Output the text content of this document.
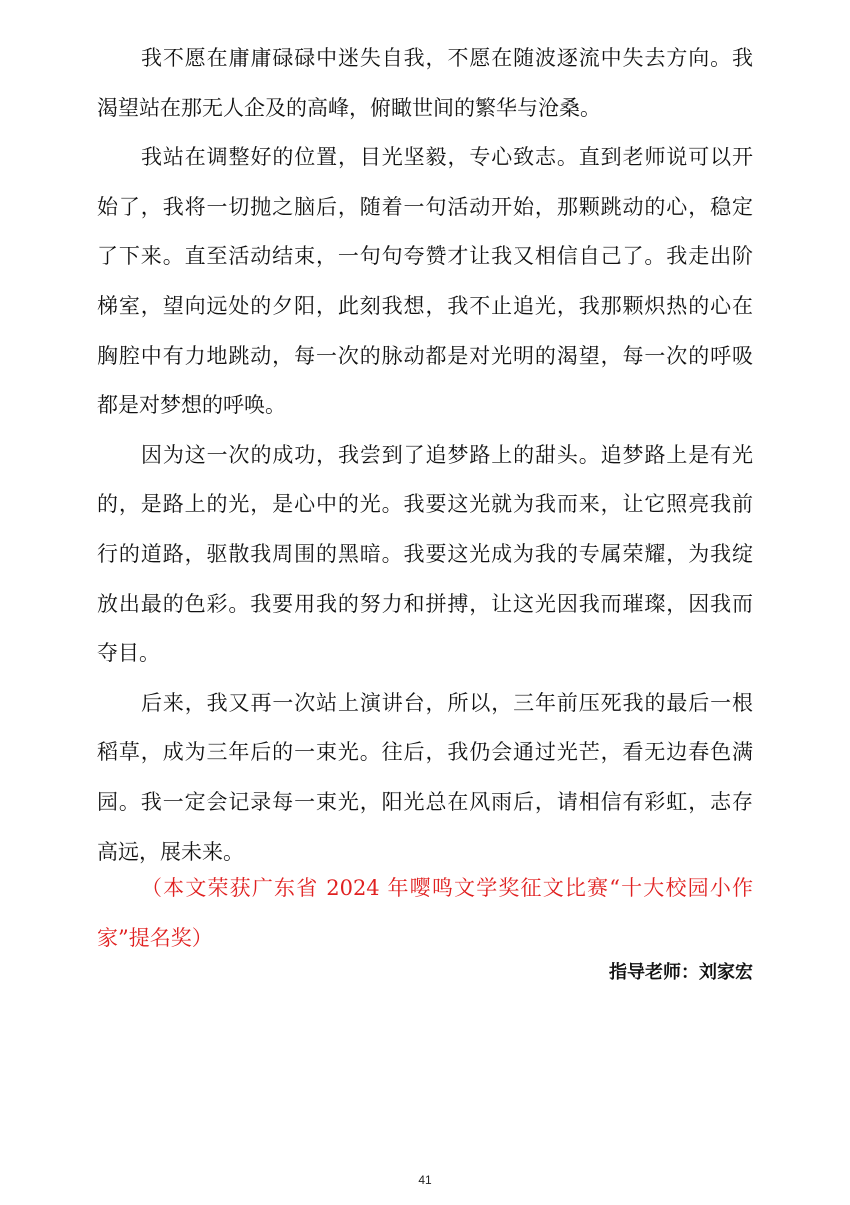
我不愿在庸庸碌碌中迷失自我，不愿在随波逐流中失去方向。我
渴望站在那无人企及的高峰，俯瞰世间的繁华与沧桑。
我站在调整好的位置，目光坚毅，专心致志。直到老师说可以开
始了，我将一切抛之脑后，随着一句活动开始，那颗跳动的心，稳定
了下来。直至活动结束，一句句夸赞才让我又相信自己了。我走出阶
梯室，望向远处的夕阳，此刻我想，我不止追光，我那颗炽热的心在
胸腔中有力地跳动，每一次的脉动都是对光明的渴望，每一次的呼吸
都是对梦想的呼唤。
因为这一次的成功，我尝到了追梦路上的甜头。追梦路上是有光
的，是路上的光，是心中的光。我要这光就为我而来，让它照亮我前
行的道路，驱散我周围的黑暗。我要这光成为我的专属荣耀，为我绽
放出最的色彩。我要用我的努力和拼搏，让这光因我而璀璨，因我而
夺目。
后来，我又再一次站上演讲台，所以，三年前压死我的最后一根
稻草，成为三年后的一束光。往后，我仍会通过光芒，看无边春色满
园。我一定会记录每一束光，阳光总在风雨后，请相信有彩虹，志存
高远，展未来。
（本文荣获广东省 2024 年嘤鸣文学奖征文比赛“十大校园小作
家”提名奖）
指导老师：刘家宏
41
